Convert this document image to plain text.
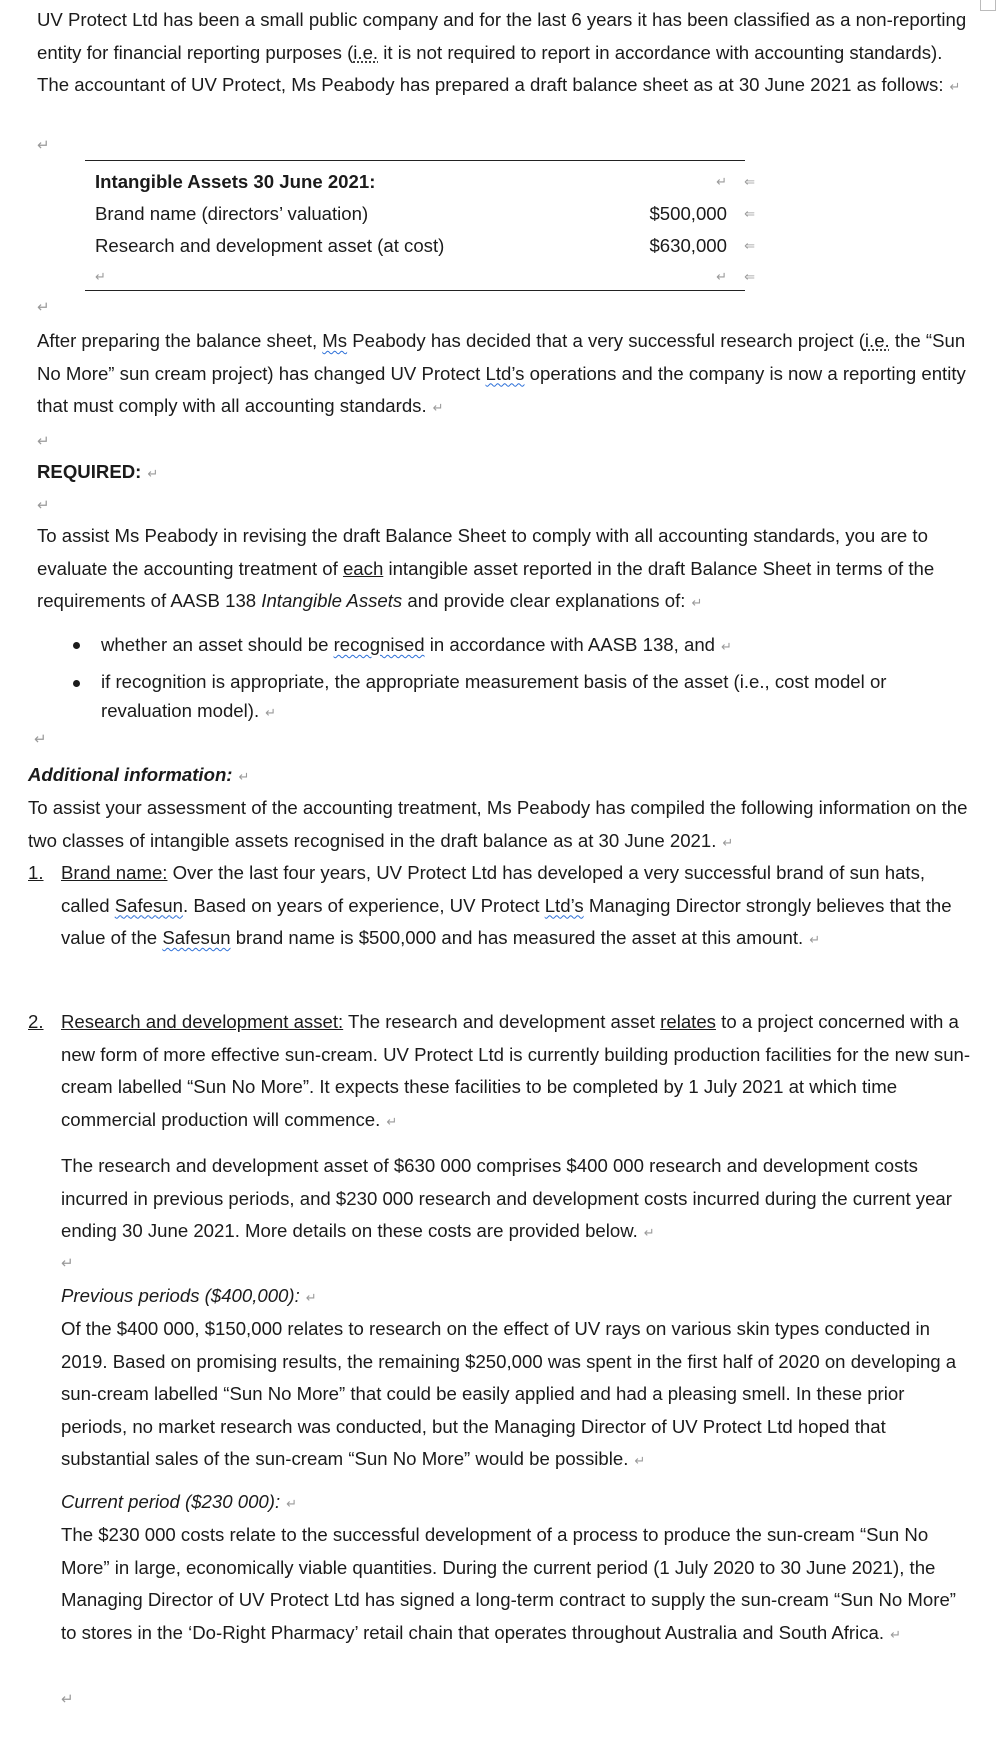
UV Protect Ltd has been a small public company and for the last 6 years it has been classified as a non-reporting entity for financial reporting purposes (i.e. it is not required to report in accordance with accounting standards). The accountant of UV Protect, Ms Peabody has prepared a draft balance sheet as at 30 June 2021 as follows: ↵

↵
Intangible Assets 30 June 2021:	↵ ⇐
Brand name (directors’ valuation)	$500,000 ⇐
Research and development asset (at cost)	$630,000 ⇐
↵	↵ ⇐
↵

After preparing the balance sheet, Ms Peabody has decided that a very successful research project (i.e. the “Sun No More” sun cream project) has changed UV Protect Ltd’s operations and the company is now a reporting entity that must comply with all accounting standards. ↵

↵
REQUIRED: ↵
↵

To assist Ms Peabody in revising the draft Balance Sheet to comply with all accounting standards, you are to evaluate the accounting treatment of each intangible asset reported in the draft Balance Sheet in terms of the requirements of AASB 138 Intangible Assets and provide clear explanations of: ↵

whether an asset should be recognised in accordance with AASB 138, and ↵

if recognition is appropriate, the appropriate measurement basis of the asset (i.e., cost model or revaluation model). ↵

↵
Additional information: ↵

To assist your assessment of the accounting treatment, Ms Peabody has compiled the following information on the two classes of intangible assets recognised in the draft balance as at 30 June 2021. ↵

1. Brand name: Over the last four years, UV Protect Ltd has developed a very successful brand of sun hats, called Safesun. Based on years of experience, UV Protect Ltd’s Managing Director strongly believes that the value of the Safesun brand name is $500,000 and has measured the asset at this amount. ↵

2. Research and development asset: The research and development asset relates to a project concerned with a new form of more effective sun-cream. UV Protect Ltd is currently building production facilities for the new sun-cream labelled “Sun No More”. It expects these facilities to be completed by 1 July 2021 at which time commercial production will commence. ↵

The research and development asset of $630 000 comprises $400 000 research and development costs incurred in previous periods, and $230 000 research and development costs incurred during the current year ending 30 June 2021. More details on these costs are provided below. ↵

↵
Previous periods ($400,000): ↵

Of the $400 000, $150,000 relates to research on the effect of UV rays on various skin types conducted in 2019. Based on promising results, the remaining $250,000 was spent in the first half of 2020 on developing a sun-cream labelled “Sun No More” that could be easily applied and had a pleasing smell. In these prior periods, no market research was conducted, but the Managing Director of UV Protect Ltd hoped that substantial sales of the sun-cream “Sun No More” would be possible. ↵

Current period ($230 000): ↵

The $230 000 costs relate to the successful development of a process to produce the sun-cream “Sun No More” in large, economically viable quantities. During the current period (1 July 2020 to 30 June 2021), the Managing Director of UV Protect Ltd has signed a long-term contract to supply the sun-cream “Sun No More” to stores in the ‘Do-Right Pharmacy’ retail chain that operates throughout Australia and South Africa. ↵

↵
